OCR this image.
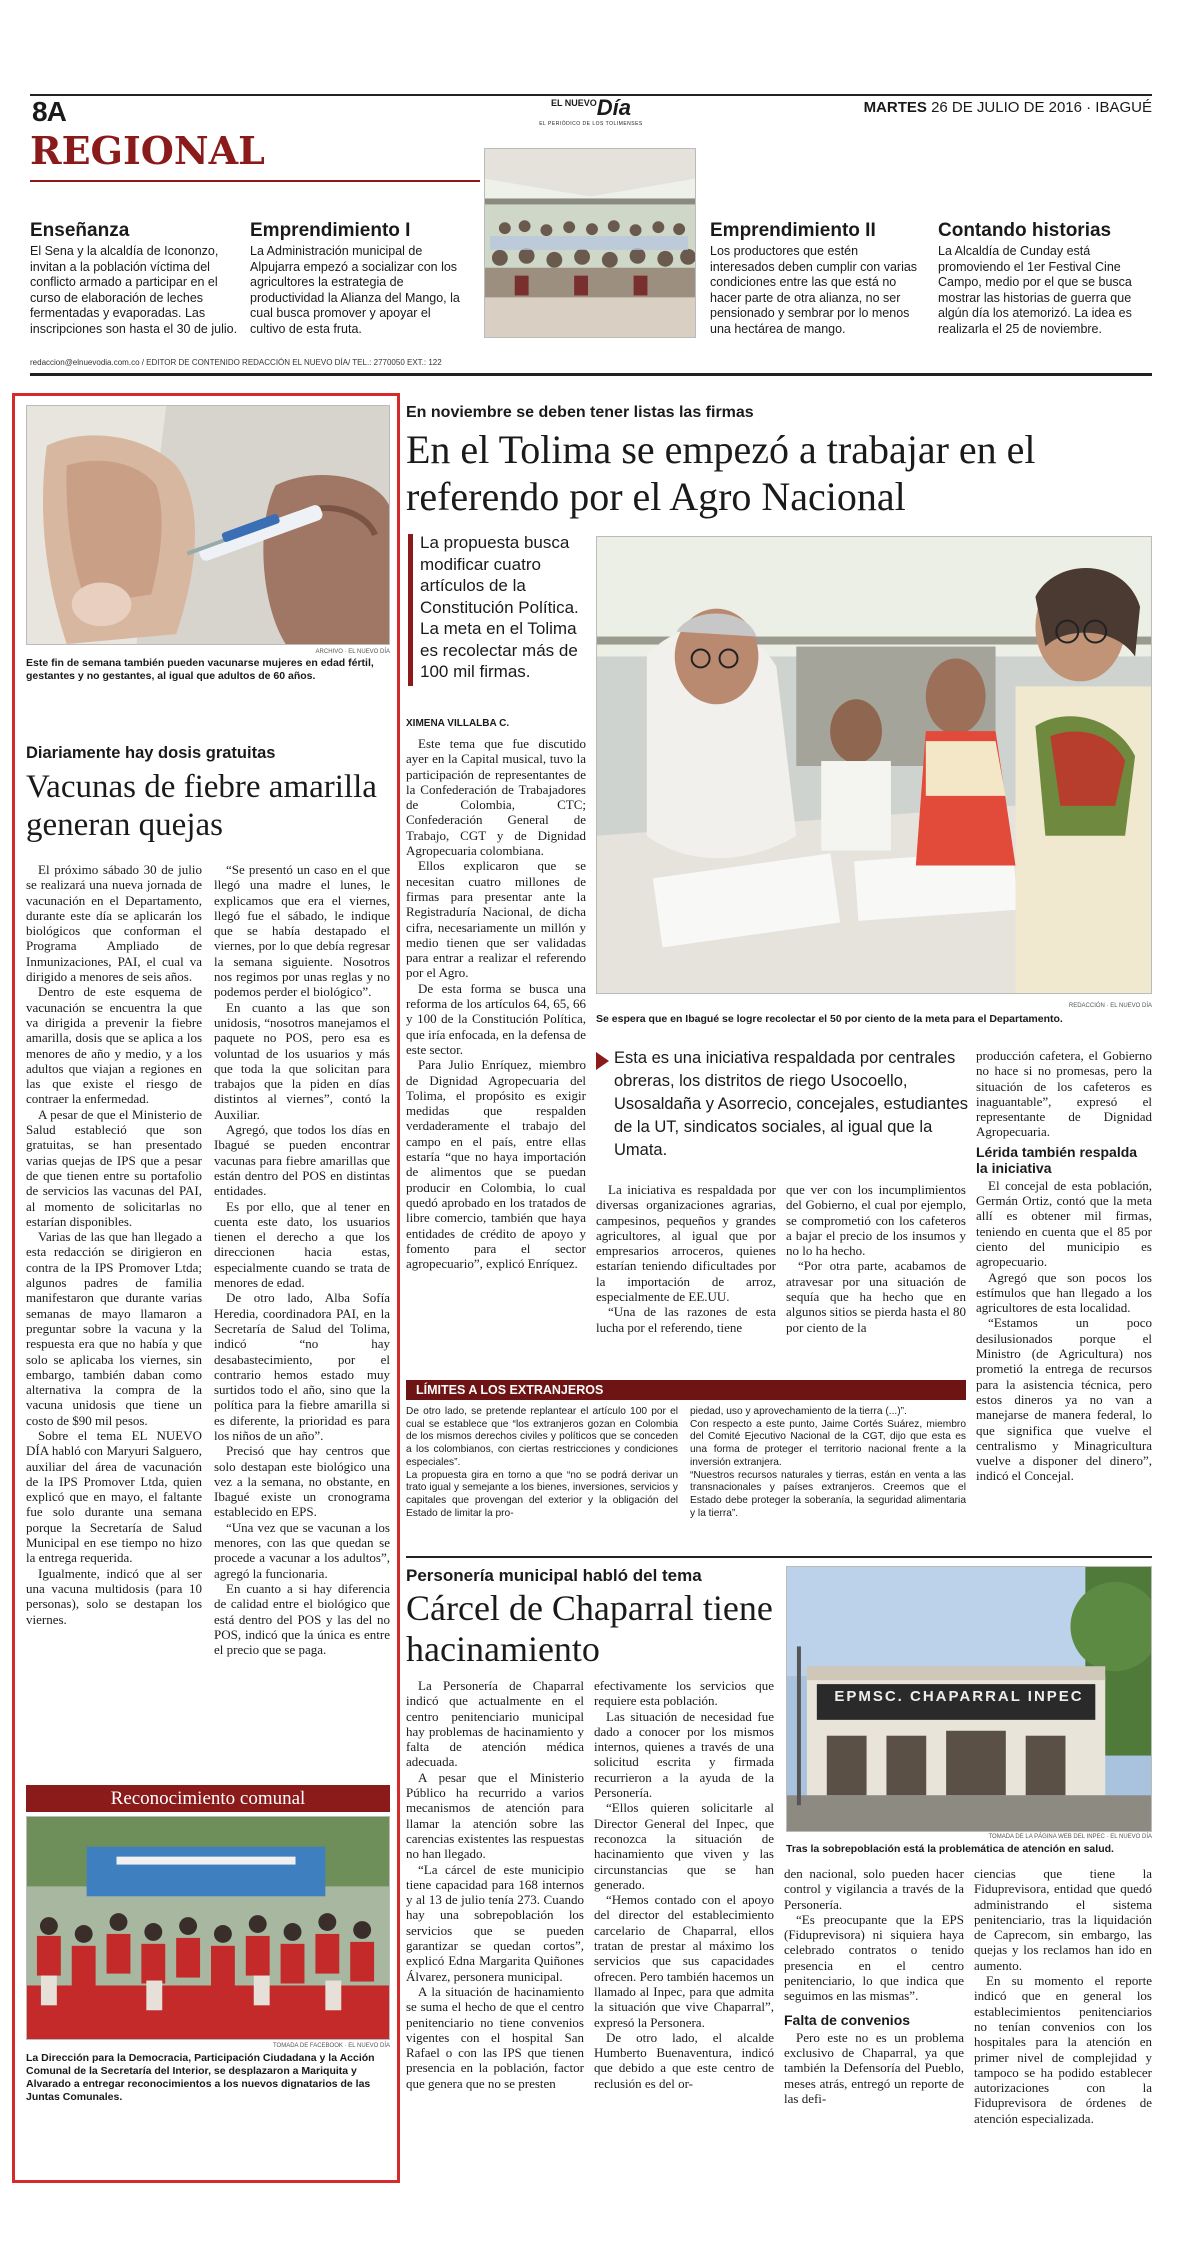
8A	$^{EL NUEVO}$Día
EL PERIÓDICO DE LOS TOLIMENSES
MARTES 26 DE JULIO DE 2016 · IBAGUÉ
REGIONAL
Enseñanza
El Sena y la alcaldía de Icononzo, invitan a la población víctima del conflicto armado a participar en el curso de elaboración de leches fermentadas y evaporadas. Las inscripciones son hasta el 30 de julio.
Emprendimiento I
La Administración municipal de Alpujarra empezó a socializar con los agricultores la estrategia de productividad la Alianza del Mango, la cual busca promover y apoyar el cultivo de esta fruta.
Emprendimiento II
Los productores que estén interesados deben cumplir con varias condiciones entre las que está no hacer parte de otra alianza, no ser pensionado y sembrar por lo menos una hectárea de mango.
Contando historias
La Alcaldía de Cunday está promoviendo el 1er Festival Cine Campo, medio por el que se busca mostrar las historias de guerra que algún día los atemorizó. La idea es realizarla el 25 de noviembre.
redaccion@elnuevodia.com.co / EDITOR DE CONTENIDO REDACCIÓN EL NUEVO DÍA/ TEL.: 2770050 EXT.: 122
ARCHIVO · EL NUEVO DÍA
Este fin de semana también pueden vacunarse mujeres en edad fértil, gestantes y no gestantes, al igual que adultos de 60 años.
Diariamente hay dosis gratuitas
Vacunas de fiebre amarilla generan quejas

El próximo sábado 30 de julio se realizará una nueva jornada de vacunación en el Departamento, durante este día se aplicarán los biológicos que conforman el Programa Ampliado de Inmunizaciones, PAI, el cual va dirigido a menores de seis años.

Dentro de este esquema de vacunación se encuentra la que va dirigida a prevenir la fiebre amarilla, dosis que se aplica a los menores de año y medio, y a los adultos que viajan a regiones en las que existe el riesgo de contraer la enfermedad.

A pesar de que el Ministerio de Salud estableció que son gratuitas, se han presentado varias quejas de IPS que a pesar de que tienen entre su portafolio de servicios las vacunas del PAI, al momento de solicitarlas no estarían disponibles.

Varias de las que han llegado a esta redacción se dirigieron en contra de la IPS Promover Ltda; algunos padres de familia manifestaron que durante varias semanas de mayo llamaron a preguntar sobre la vacuna y la respuesta era que no había y que solo se aplicaba los viernes, sin embargo, también daban como alternativa la compra de la vacuna unidosis que tiene un costo de $90 mil pesos.

Sobre el tema EL NUEVO DÍA habló con Maryuri Salguero, auxiliar del área de vacunación de la IPS Promover Ltda, quien explicó que en mayo, el faltante fue solo durante una semana porque la Secretaría de Salud Municipal en ese tiempo no hizo la entrega requerida.

Igualmente, indicó que al ser una vacuna multidosis (para 10 personas), solo se destapan los viernes.

“Se presentó un caso en el que llegó una madre el lunes, le explicamos que era el viernes, llegó fue el sábado, le indique que se había destapado el viernes, por lo que debía regresar la semana siguiente. Nosotros nos regimos por unas reglas y no podemos perder el biológico”.

En cuanto a las que son unidosis, “nosotros manejamos el paquete no POS, pero esa es voluntad de los usuarios y más que toda la que solicitan para trabajos que la piden en días distintos al viernes”, contó la Auxiliar.

Agregó, que todos los días en Ibagué se pueden encontrar vacunas para fiebre amarillas que están dentro del POS en distintas entidades.

Es por ello, que al tener en cuenta este dato, los usuarios tienen el derecho a que los direccionen hacia estas, especialmente cuando se trata de menores de edad.

De otro lado, Alba Sofía Heredia, coordinadora PAI, en la Secretaría de Salud del Tolima, indicó “no hay desabastecimiento, por el contrario hemos estado muy surtidos todo el año, sino que la política para la fiebre amarilla si es diferente, la prioridad es para los niños de un año”.

Precisó que hay centros que solo destapan este biológico una vez a la semana, no obstante, en Ibagué existe un cronograma establecido en EPS.

“Una vez que se vacunan a los menores, con las que quedan se procede a vacunar a los adultos”, agregó la funcionaria.

En cuanto a si hay diferencia de calidad entre el biológico que está dentro del POS y las del no POS, indicó que la única es entre el precio que se paga.

Reconocimiento comunal
TOMADA DE FACEBOOK · EL NUEVO DÍA
La Dirección para la Democracia, Participación Ciudadana y la Acción Comunal de la Secretaría del Interior, se desplazaron a Mariquita y Alvarado a entregar reconocimientos a los nuevos dignatarios de las Juntas Comunales.
En noviembre se deben tener listas las firmas
En el Tolima se empezó a trabajar en el referendo por el Agro Nacional
La propuesta busca modificar cuatro artículos de la Constitución Política. La meta en el Tolima es recolectar más de 100 mil firmas.
XIMENA VILLALBA C.

Este tema que fue discutido ayer en la Capital musical, tuvo la participación de representantes de la Confederación de Trabajadores de Colombia, CTC; Confederación General de Trabajo, CGT y de Dignidad Agropecuaria colombiana.

Ellos explicaron que se necesitan cuatro millones de firmas para presentar ante la Registraduría Nacional, de dicha cifra, necesariamente un millón y medio tienen que ser validadas para entrar a realizar el referendo por el Agro.

De esta forma se busca una reforma de los artículos 64, 65, 66 y 100 de la Constitución Política, que iría enfocada, en la defensa de este sector.

Para Julio Enríquez, miembro de Dignidad Agropecuaria del Tolima, el propósito es exigir medidas que respalden verdaderamente el trabajo del campo en el país, entre ellas estaría “que no haya importación de alimentos que se puedan producir en Colombia, lo cual quedó aprobado en los tratados de libre comercio, también que haya entidades de crédito de apoyo y fomento para el sector agropecuario”, explicó Enríquez.

REDACCIÓN · EL NUEVO DÍA
Se espera que en Ibagué se logre recolectar el 50 por ciento de la meta para el Departamento.
Esta es una iniciativa respaldada por centrales obreras, los distritos de riego Usocoello, Usosaldaña y Asorrecio, concejales, estudiantes de la UT, sindicatos sociales, al igual que la Umata.

La iniciativa es respaldada por diversas organizaciones agrarias, campesinos, pequeños y grandes agricultores, al igual que por empresarios arroceros, quienes estarían teniendo dificultades por la importación de arroz, especialmente de EE.UU.

“Una de las razones de esta lucha por el referendo, tiene

que ver con los incumplimientos del Gobierno, el cual por ejemplo, se comprometió con los cafeteros a bajar el precio de los insumos y no lo ha hecho.

“Por otra parte, acabamos de atravesar por una situación de sequía que ha hecho que en algunos sitios se pierda hasta el 80 por ciento de la

producción cafetera, el Gobierno no hace si no promesas, pero la situación de los cafeteros es inaguantable”, expresó el representante de Dignidad Agropecuaria.

Lérida también respalda la iniciativa

El concejal de esta población, Germán Ortiz, contó que la meta allí es obtener mil firmas, teniendo en cuenta que el 85 por ciento del municipio es agropecuario.

Agregó que son pocos los estímulos que han llegado a los agricultores de esta localidad.

“Estamos un poco desilusionados porque el Ministro (de Agricultura) nos prometió la entrega de recursos para la asistencia técnica, pero estos dineros ya no van a manejarse de manera federal, lo que significa que vuelve el centralismo y Minagricultura vuelve a disponer del dinero”, indicó el Concejal.

LÍMITES A LOS EXTRANJEROS

De otro lado, se pretende replantear el artículo 100 por el cual se establece que “los extranjeros gozan en Colombia de los mismos derechos civiles y políticos que se conceden a los colombianos, con ciertas restricciones y condiciones especiales”.

La propuesta gira en torno a que “no se podrá derivar un trato igual y semejante a los bienes, inversiones, servicios y capitales que provengan del exterior y la obligación del Estado de limitar la pro-

piedad, uso y aprovechamiento de la tierra (...)”.

Con respecto a este punto, Jaime Cortés Suárez, miembro del Comité Ejecutivo Nacional de la CGT, dijo que esta es una forma de proteger el territorio nacional frente a la inversión extranjera.

“Nuestros recursos naturales y tierras, están en venta a las transnacionales y países extranjeros. Creemos que el Estado debe proteger la soberanía, la seguridad alimentaria y la tierra”.

Personería municipal habló del tema
Cárcel de Chaparral tiene hacinamiento
EPMSC. CHAPARRAL INPEC
TOMADA DE LA PÁGINA WEB DEL INPEC · EL NUEVO DÍA
Tras la sobrepoblación está la problemática de atención en salud.

La Personería de Chaparral indicó que actualmente en el centro penitenciario municipal hay problemas de hacinamiento y falta de atención médica adecuada.

A pesar que el Ministerio Público ha recurrido a varios mecanismos de atención para llamar la atención sobre las carencias existentes las respuestas no han llegado.

“La cárcel de este municipio tiene capacidad para 168 internos y al 13 de julio tenía 273. Cuando hay una sobrepoblación los servicios que se pueden garantizar se quedan cortos”, explicó Edna Margarita Quiñones Álvarez, personera municipal.

A la situación de hacinamiento se suma el hecho de que el centro penitenciario no tiene convenios vigentes con el hospital San Rafael o con las IPS que tienen presencia en la población, factor que genera que no se presten

efectivamente los servicios que requiere esta población.

Las situación de necesidad fue dado a conocer por los mismos internos, quienes a través de una solicitud escrita y firmada recurrieron a la ayuda de la Personería.

“Ellos quieren solicitarle al Director General del Inpec, que reconozca la situación de hacinamiento que viven y las circunstancias que se han generado.

“Hemos contado con el apoyo del director del establecimiento carcelario de Chaparral, ellos tratan de prestar al máximo los servicios que sus capacidades ofrecen. Pero también hacemos un llamado al Inpec, para que admita la situación que vive Chaparral”, expresó la Personera.

De otro lado, el alcalde Humberto Buenaventura, indicó que debido a que este centro de reclusión es del or-

den nacional, solo pueden hacer control y vigilancia a través de la Personería.

“Es preocupante que la EPS (Fiduprevisora) ni siquiera haya celebrado contratos o tenido presencia en el centro penitenciario, lo que indica que seguimos en las mismas”.

Falta de convenios

Pero este no es un problema exclusivo de Chaparral, ya que también la Defensoría del Pueblo, meses atrás, entregó un reporte de las defi-

ciencias que tiene la Fiduprevisora, entidad que quedó administrando el sistema penitenciario, tras la liquidación de Caprecom, sin embargo, las quejas y los reclamos han ido en aumento.

En su momento el reporte indicó que en general los establecimientos penitenciarios no tenían convenios con los hospitales para la atención en primer nivel de complejidad y tampoco se ha podido establecer autorizaciones con la Fiduprevisora de órdenes de atención especializada.
